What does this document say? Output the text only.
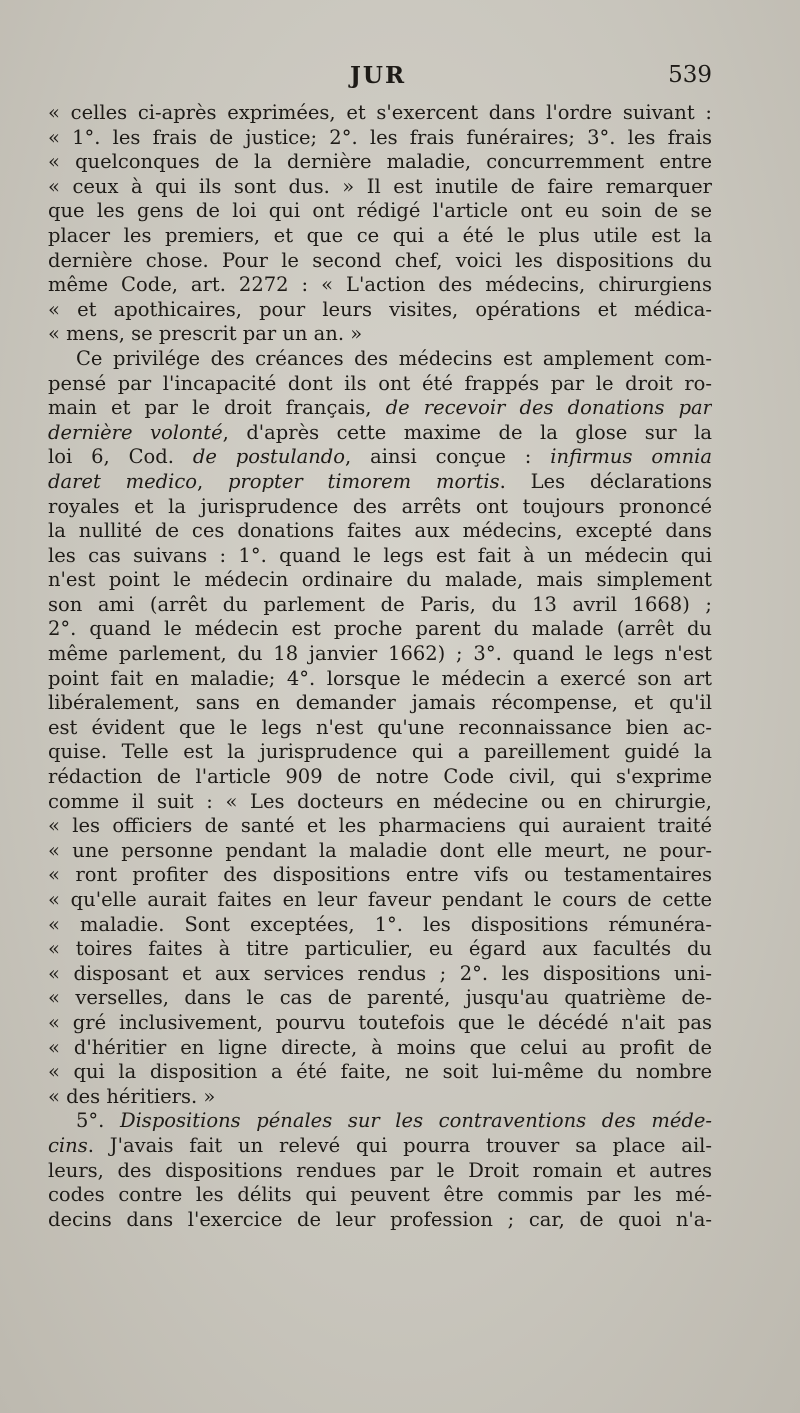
JUR	539
« celles ci-après exprimées, et s'exercent dans l'ordre suivant :
« 1°. les frais de justice; 2°. les frais funéraires; 3°. les frais
« quelconques de la dernière maladie, concurremment entre
« ceux à qui ils sont dus. » Il est inutile de faire remarquer
que les gens de loi qui ont rédigé l'article ont eu soin de se
placer les premiers, et que ce qui a été le plus utile est la
dernière chose. Pour le second chef, voici les dispositions du
même Code, art. 2272 : « L'action des médecins, chirurgiens
« et apothicaires, pour leurs visites, opérations et médica-
« mens, se prescrit par un an. »
Ce privilége des créances des médecins est amplement com-
pensé par l'incapacité dont ils ont été frappés par le droit ro-
main et par le droit français, de recevoir des donations par
dernière volonté, d'après cette maxime de la glose sur la
loi 6, Cod. de postulando, ainsi conçue : infirmus omnia
daret medico, propter timorem mortis. Les déclarations
royales et la jurisprudence des arrêts ont toujours prononcé
la nullité de ces donations faites aux médecins, excepté dans
les cas suivans : 1°. quand le legs est fait à un médecin qui
n'est point le médecin ordinaire du malade, mais simplement
son ami (arrêt du parlement de Paris, du 13 avril 1668) ;
2°. quand le médecin est proche parent du malade (arrêt du
même parlement, du 18 janvier 1662) ; 3°. quand le legs n'est
point fait en maladie; 4°. lorsque le médecin a exercé son art
libéralement, sans en demander jamais récompense, et qu'il
est évident que le legs n'est qu'une reconnaissance bien ac-
quise. Telle est la jurisprudence qui a pareillement guidé la
rédaction de l'article 909 de notre Code civil, qui s'exprime
comme il suit : « Les docteurs en médecine ou en chirurgie,
« les officiers de santé et les pharmaciens qui auraient traité
« une personne pendant la maladie dont elle meurt, ne pour-
« ront profiter des dispositions entre vifs ou testamentaires
« qu'elle aurait faites en leur faveur pendant le cours de cette
« maladie. Sont exceptées, 1°. les dispositions rémunéra-
« toires faites à titre particulier, eu égard aux facultés du
« disposant et aux services rendus ; 2°. les dispositions uni-
« verselles, dans le cas de parenté, jusqu'au quatrième de-
« gré inclusivement, pourvu toutefois que le décédé n'ait pas
« d'héritier en ligne directe, à moins que celui au profit de
« qui la disposition a été faite, ne soit lui-même du nombre
« des héritiers. »
5°. Dispositions pénales sur les contraventions des méde-
cins. J'avais fait un relevé qui pourra trouver sa place ail-
leurs, des dispositions rendues par le Droit romain et autres
codes contre les délits qui peuvent être commis par les mé-
decins dans l'exercice de leur profession ; car, de quoi n'a-
